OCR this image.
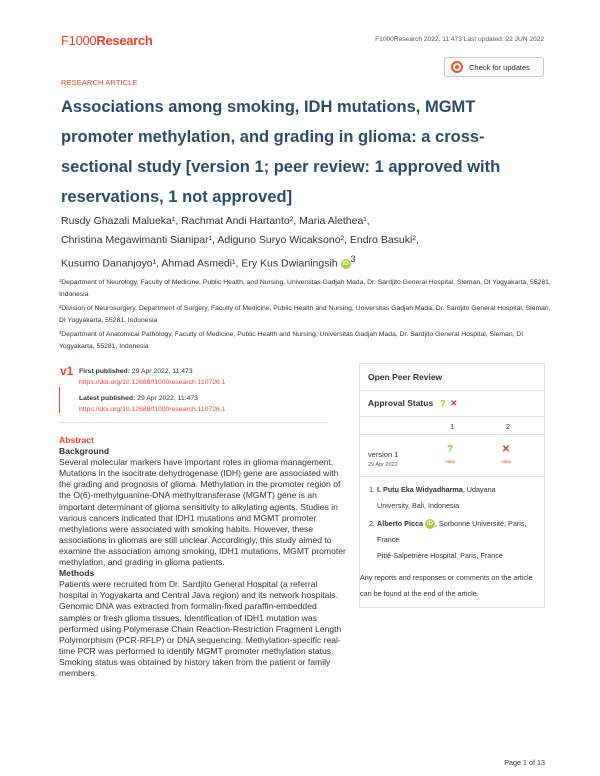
F1000Research	F1000Research 2022, 11:473 Last updated: 22 JUN 2022
RESEARCH ARTICLE
Check for updates
Associations among smoking, IDH mutations, MGMT promoter methylation, and grading in glioma: a cross-sectional study [version 1; peer review: 1 approved with reservations, 1 not approved]
Rusdy Ghazali Malueka¹, Rachmat Andi Hartanto², Maria Alethea¹,
Christina Megawimanti Sianipar¹, Adiguno Suryo Wicaksono², Endro Basuki²,
Kusumo Dananjoyo¹, Ahmad Asmedi¹, Ery Kus Dwianingsih iD $^3$
¹Department of Neurology, Faculty of Medicine, Public Health, and Nursing, Universitas Gadjah Mada, Dr. Sardjito General Hospital, Sleman, DI Yogyakarta, 55281, Indonesia
²Division of Neurosurgery, Department of Surgery, Faculty of Medicine, Public Health and Nursing, Universitas Gadjah Mada, Dr. Sardjito General Hospital, Sleman, DI Yogyakarta, 55281, Indonesia
³Department of Anatomical Pathology, Faculty of Medicine, Public Health and Nursing, Universitas Gadjah Mada, Dr. Sardjito General Hospital, Sleman, DI Yogyakarta, 55281, Indonesia
v1 First published: 29 Apr 2022, 11:473
https://doi.org/10.12688/f1000research.110726.1
Latest published: 29 Apr 2022, 11:473
https://doi.org/10.12688/f1000research.110726.1
Abstract
Background

Several molecular markers have important roles in glioma management. Mutations in the isocitrate dehydrogenase (IDH) gene are associated with the grading and prognosis of glioma. Methylation in the promoter region of the O(6)-methylguanine-DNA methyltransferase (MGMT) gene is an important determinant of glioma sensitivity to alkylating agents. Studies in various cancers indicated that IDH1 mutations and MGMT promoter methylations were associated with smoking habits. However, these associations in gliomas are still unclear. Accordingly, this study aimed to examine the association among smoking, IDH1 mutations, MGMT promoter methylation, and grading in glioma patients.

Methods

Patients were recruited from Dr. Sardjito General Hospital (a referral hospital in Yogyakarta and Central Java region) and its network hospitals. Genomic DNA was extracted from formalin-fixed paraffin-embedded samples or fresh glioma tissues. Identification of IDH1 mutation was performed using Polymerase Chain Reaction-Restriction Fragment Length Polymorphism (PCR-RFLP) or DNA sequencing. Methylation-specific real-time PCR was performed to identify MGMT promoter methylation status. Smoking status was obtained by history taken from the patient or family members.

Open Peer Review
Approval Status ? ✕
1	2
version 1
29 Apr 2022
?
view
✕
view
1. I. Putu Eka Widyadharma, Udayana
University, Bali, Indonesia
2. Alberto Picca iD , Sorbonne Université, Paris,
France
Pitié-Salpetrière Hospital, Paris, France
Any reports and responses or comments on the article can be found at the end of the article.
Page 1 of 13
